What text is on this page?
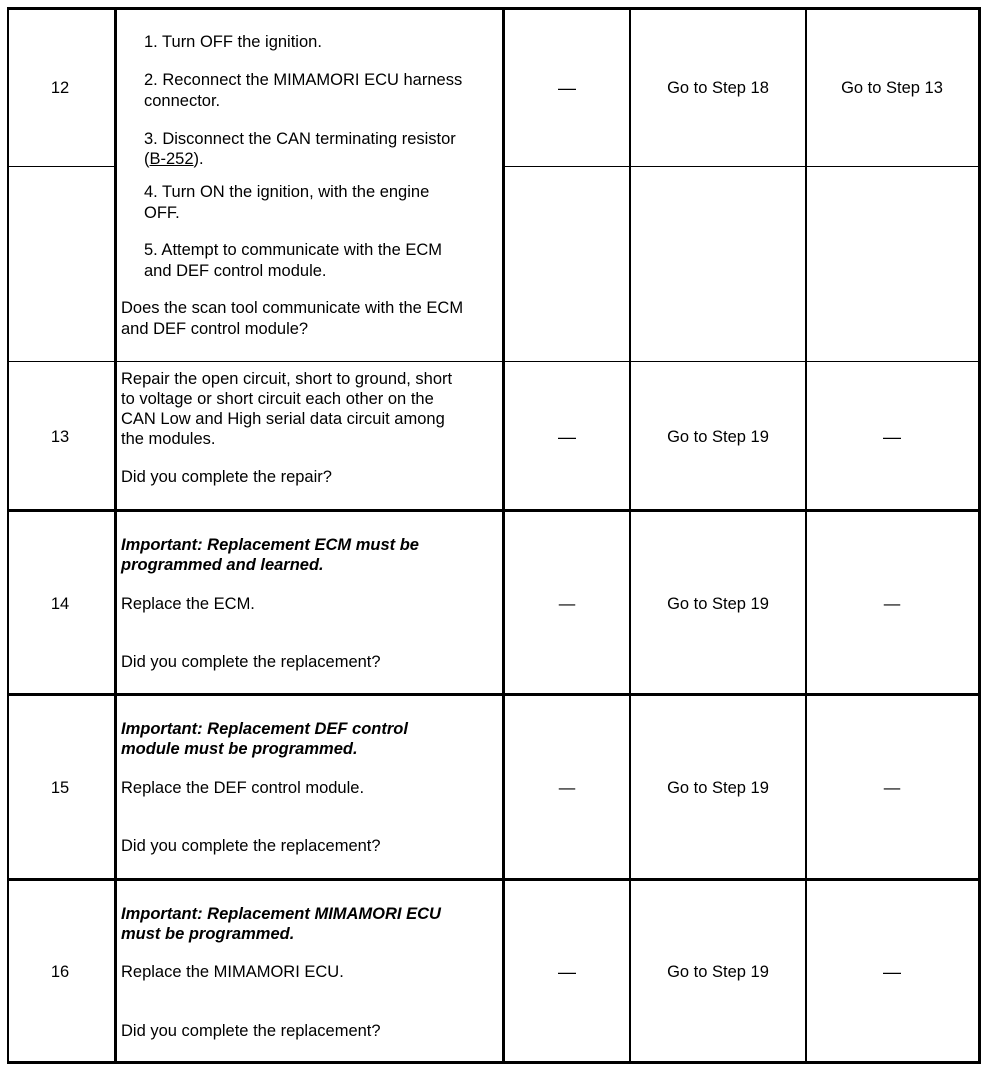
12
1. Turn OFF the ignition.
2. Reconnect the MIMAMORI ECU harness
connector.
3. Disconnect the CAN terminating resistor
(B-252).
4. Turn ON the ignition, with the engine
OFF.
5. Attempt to communicate with the ECM
and DEF control module.
Does the scan tool communicate with the ECM
and DEF control module?
—	Go to Step 18	Go to Step 13
13
Repair the open circuit, short to ground, short
to voltage or short circuit each other on the
CAN Low and High serial data circuit among
the modules.
Did you complete the repair?
—	Go to Step 19	—
14
Important: Replacement ECM must be
programmed and learned.
Replace the ECM.
Did you complete the replacement?
—	Go to Step 19	—
15
Important: Replacement DEF control
module must be programmed.
Replace the DEF control module.
Did you complete the replacement?
—	Go to Step 19	—
16
Important: Replacement MIMAMORI ECU
must be programmed.
Replace the MIMAMORI ECU.
Did you complete the replacement?
—	Go to Step 19	—
